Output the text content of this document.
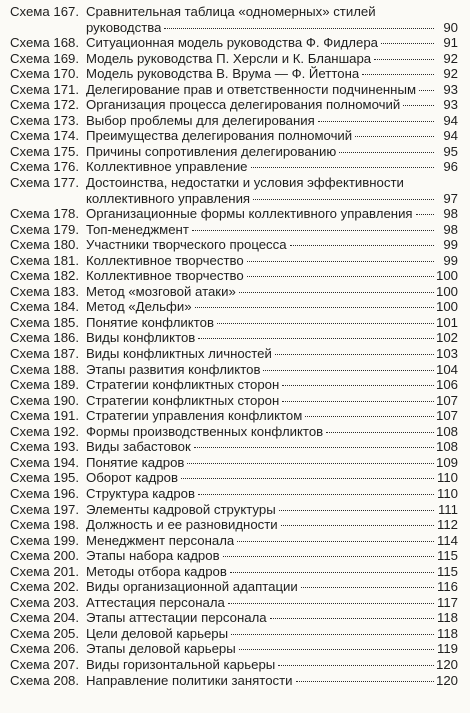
Схема 167. Сравнительная таблица «одномерных» стилей
руководства	90
Схема 168. Ситуационная модель руководства Ф. Фидлера	91
Схема 169. Модель руководства П. Херсли и К. Бланшара	92
Схема 170. Модель руководства В. Врума — Ф. Йеттона	92
Схема 171. Делегирование прав и ответственности подчиненным	93
Схема 172. Организация процесса делегирования полномочий	93
Схема 173. Выбор проблемы для делегирования	94
Схема 174. Преимущества делегирования полномочий	94
Схема 175. Причины сопротивления делегированию	95
Схема 176. Коллективное управление	96
Схема 177. Достоинства, недостатки и условия эффективности
коллективного управления	97
Схема 178. Организационные формы коллективного управления	98
Схема 179. Топ-менеджмент	98
Схема 180. Участники творческого процесса	99
Схема 181. Коллективное творчество	99
Схема 182. Коллективное творчество	100
Схема 183. Метод «мозговой атаки»	100
Схема 184. Метод «Дельфи»	100
Схема 185. Понятие конфликтов	101
Схема 186. Виды конфликтов	102
Схема 187. Виды конфликтных личностей	103
Схема 188. Этапы развития конфликтов	104
Схема 189. Стратегии конфликтных сторон	106
Схема 190. Стратегии конфликтных сторон	107
Схема 191. Стратегии управления конфликтом	107
Схема 192. Формы производственных конфликтов	108
Схема 193. Виды забастовок	108
Схема 194. Понятие кадров	109
Схема 195. Оборот кадров	110
Схема 196. Структура кадров	110
Схема 197. Элементы кадровой структуры	111
Схема 198. Должность и ее разновидности	112
Схема 199. Менеджмент персонала	114
Схема 200. Этапы набора кадров	115
Схема 201. Методы отбора кадров	115
Схема 202. Виды организационной адаптации	116
Схема 203. Аттестация персонала	117
Схема 204. Этапы аттестации персонала	118
Схема 205. Цели деловой карьеры	118
Схема 206. Этапы деловой карьеры	119
Схема 207. Виды горизонтальной карьеры	120
Схема 208. Направление политики занятости	120
